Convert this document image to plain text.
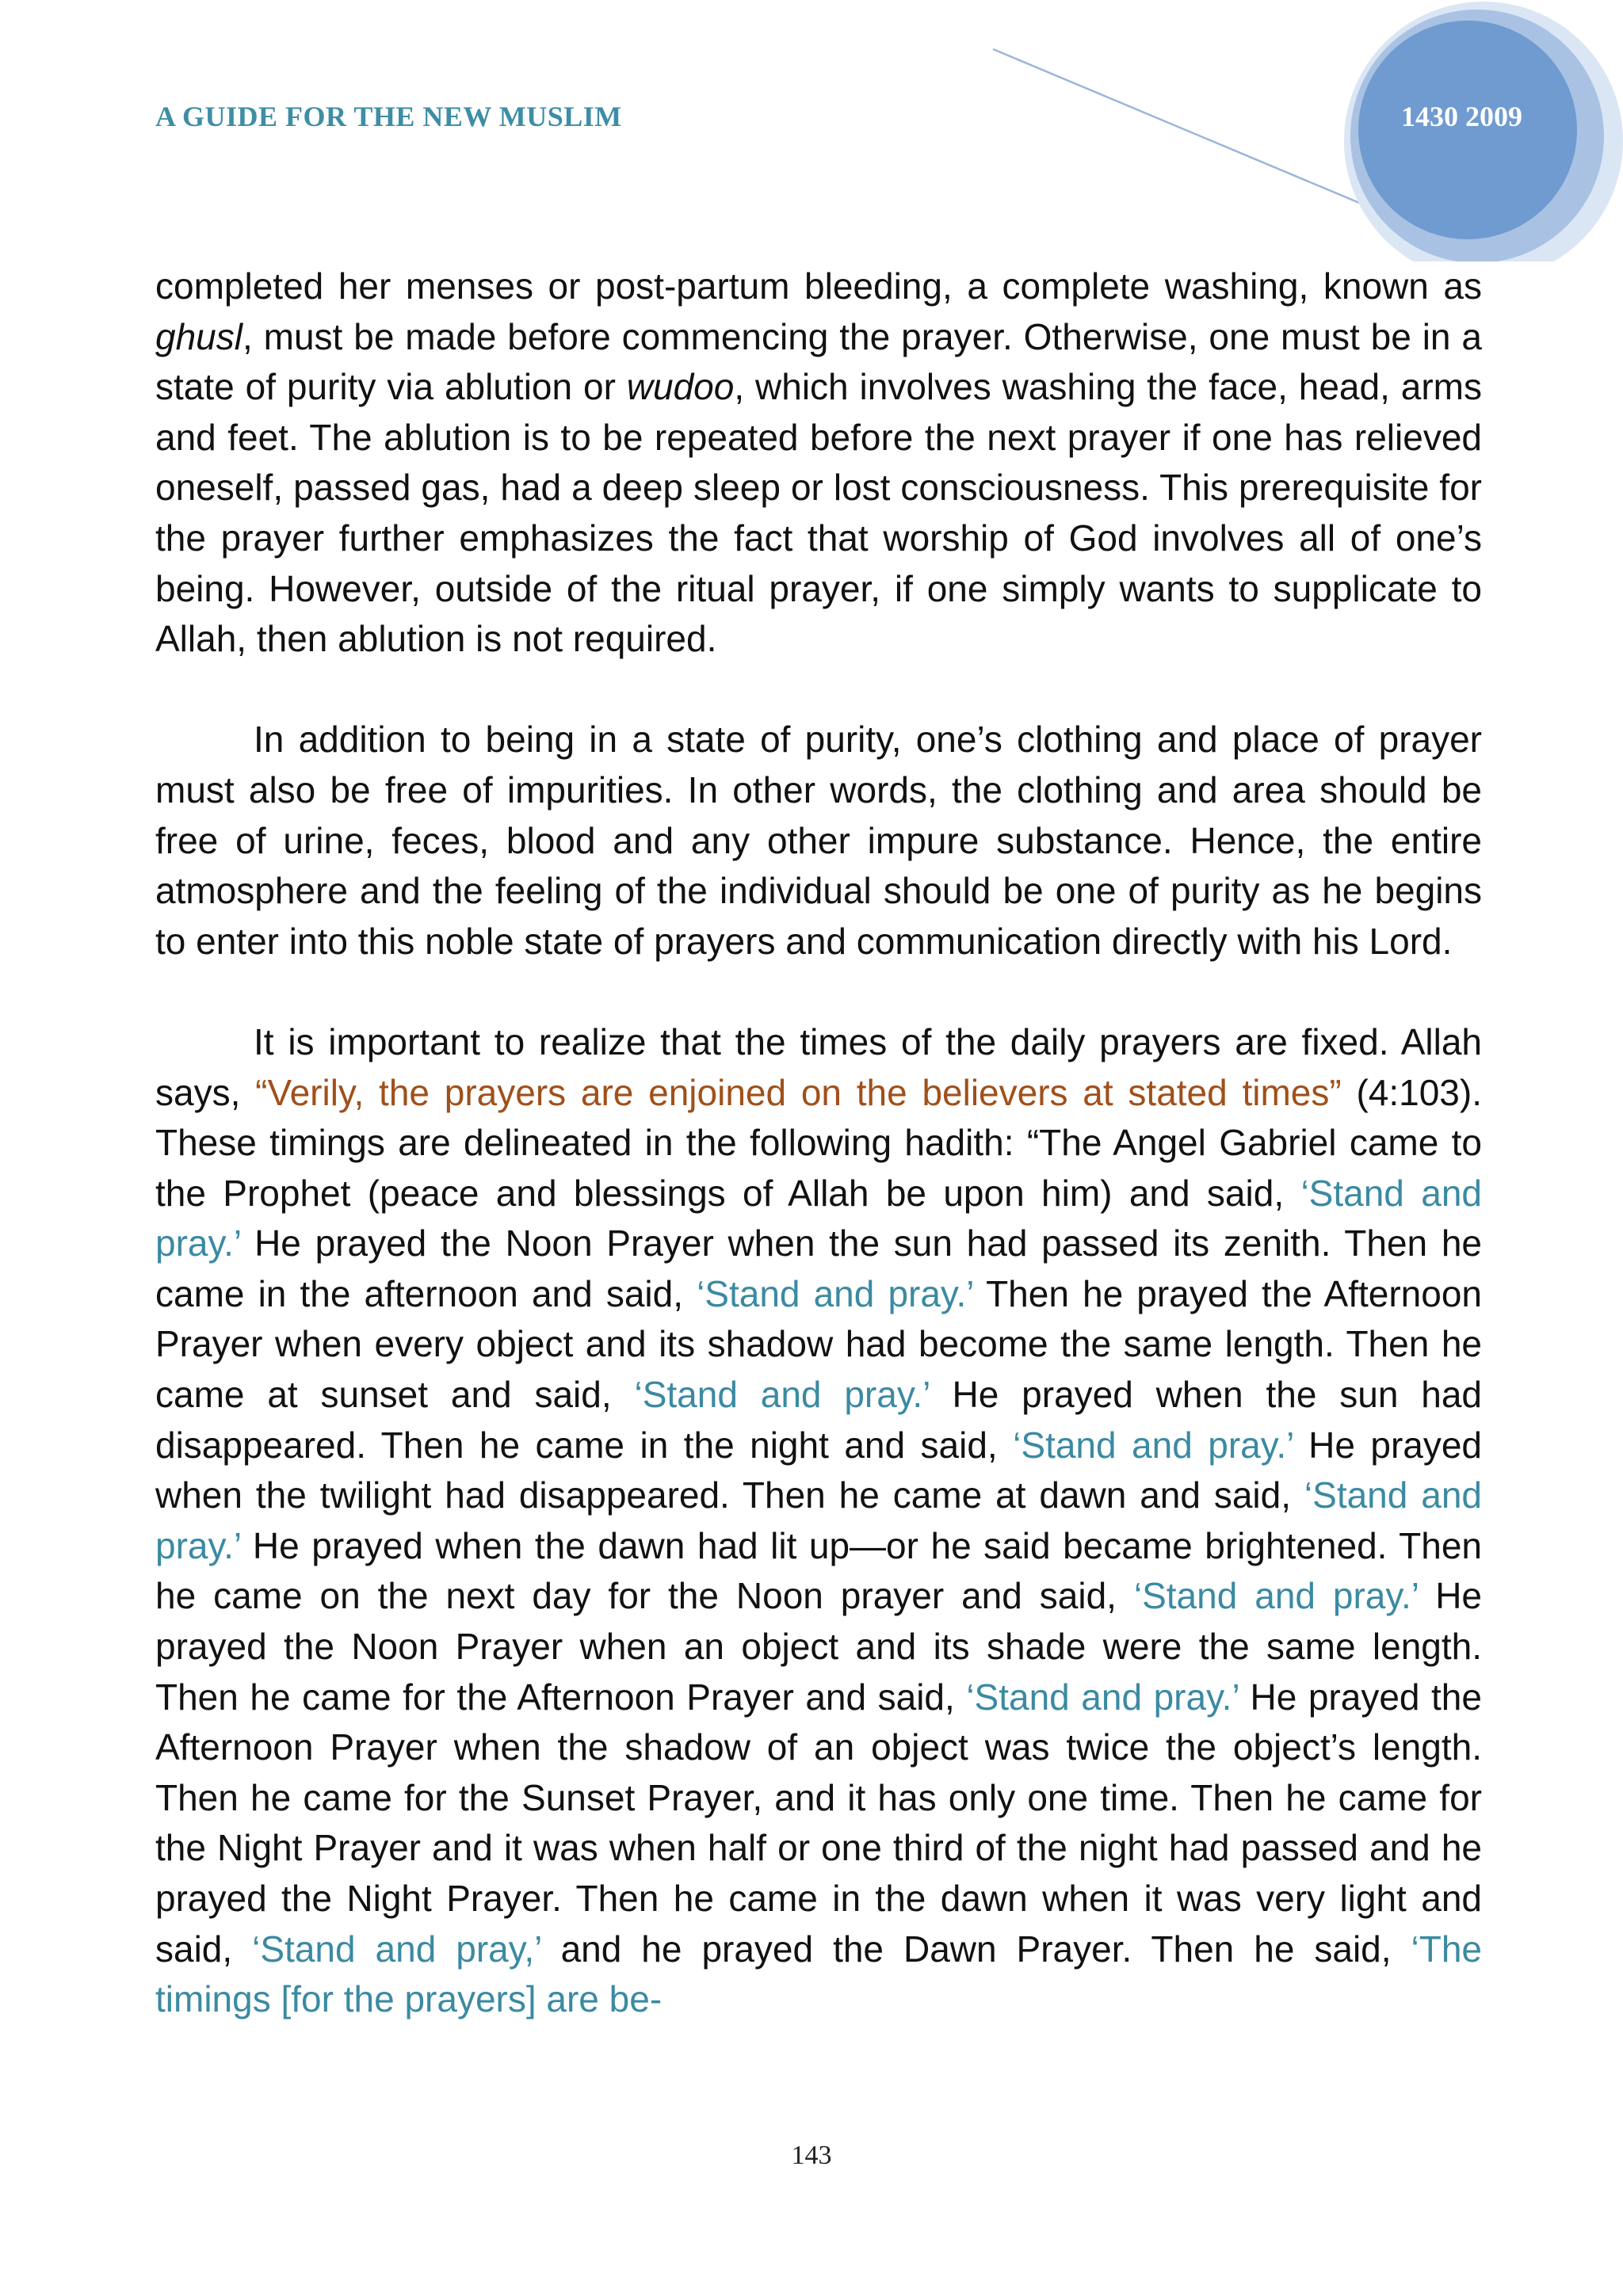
A GUIDE FOR THE NEW MUSLIM	1430 2009

completed her menses or post-partum bleeding, a complete washing, known as ghusl, must be made before commencing the prayer. Otherwise, one must be in a state of purity via ablution or wudoo, which involves washing the face, head, arms and feet. The ablution is to be repeated before the next prayer if one has relieved oneself, passed gas, had a deep sleep or lost consciousness. This prerequisite for the prayer further emphasizes the fact that worship of God involves all of one’s being. However, outside of the ritual prayer, if one simply wants to supplicate to Allah, then ablution is not required.

In addition to being in a state of purity, one’s clothing and place of prayer must also be free of impurities. In other words, the clothing and area should be free of urine, feces, blood and any other impure substance. Hence, the entire atmosphere and the feeling of the individual should be one of purity as he begins to enter into this noble state of prayers and communication directly with his Lord.

It is important to realize that the times of the daily prayers are fixed. Allah says, “Verily, the prayers are enjoined on the believers at stated times” (4:103). These timings are delineated in the following hadith: “The Angel Gabriel came to the Prophet (peace and blessings of Allah be upon him) and said, ‘Stand and pray.’ He prayed the Noon Prayer when the sun had passed its zenith. Then he came in the afternoon and said, ‘Stand and pray.’ Then he prayed the Afternoon Prayer when every object and its shadow had become the same length. Then he came at sunset and said, ‘Stand and pray.’ He prayed when the sun had disappeared. Then he came in the night and said, ‘Stand and pray.’ He prayed when the twilight had disappeared. Then he came at dawn and said, ‘Stand and pray.’ He prayed when the dawn had lit up—or he said became brightened. Then he came on the next day for the Noon prayer and said, ‘Stand and pray.’ He prayed the Noon Prayer when an object and its shade were the same length. Then he came for the Afternoon Prayer and said, ‘Stand and pray.’ He prayed the Afternoon Prayer when the shadow of an object was twice the object’s length. Then he came for the Sunset Prayer, and it has only one time. Then he came for the Night Prayer and it was when half or one third of the night had passed and he prayed the Night Prayer. Then he came in the dawn when it was very light and said, ‘Stand and pray,’ and he prayed the Dawn Prayer. Then he said, ‘The timings [for the prayers] are be-

143
